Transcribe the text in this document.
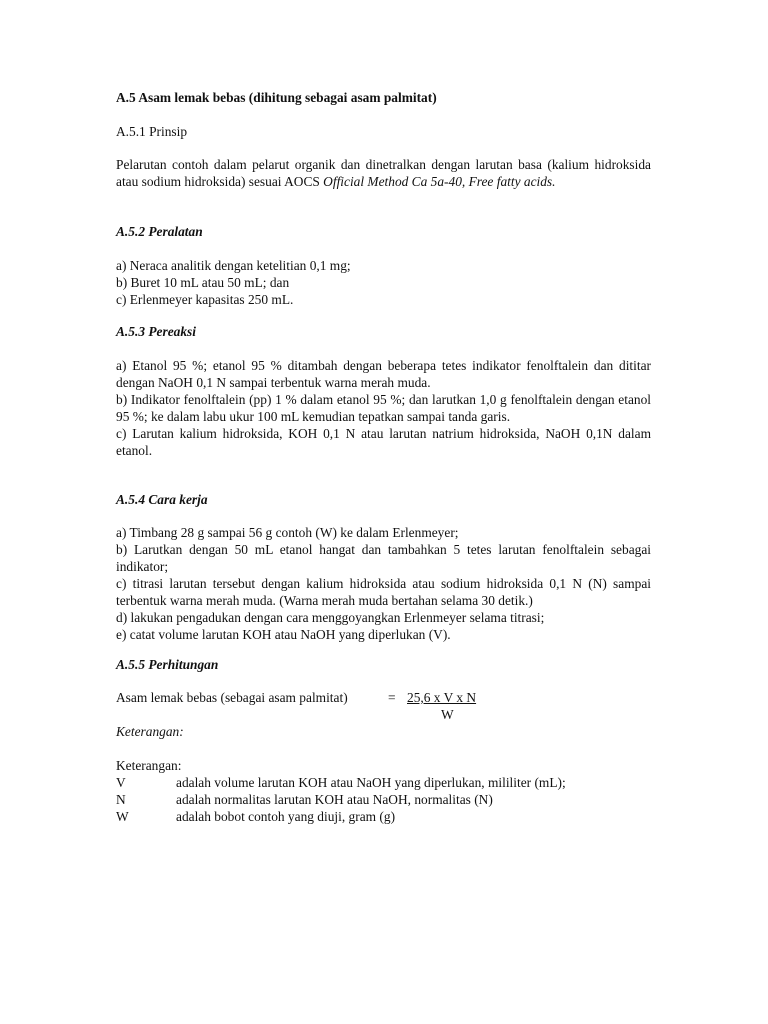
A.5 Asam lemak bebas (dihitung sebagai asam palmitat)

A.5.1 Prinsip

Pelarutan contoh dalam pelarut organik dan dinetralkan dengan larutan basa (kalium hidroksida atau sodium hidroksida) sesuai AOCS Official Method Ca 5a-40, Free fatty acids.

A.5.2 Peralatan

a) Neraca analitik dengan ketelitian 0,1 mg;
b) Buret 10 mL atau 50 mL; dan
c) Erlenmeyer kapasitas 250 mL.

A.5.3 Pereaksi

a) Etanol 95 %; etanol 95 % ditambah dengan beberapa tetes indikator fenolftalein dan dititar dengan NaOH 0,1 N sampai terbentuk warna merah muda.
b) Indikator fenolftalein (pp) 1 % dalam etanol 95 %; dan larutkan 1,0 g fenolftalein dengan etanol 95 %; ke dalam labu ukur 100 mL kemudian tepatkan sampai tanda garis.
c) Larutan kalium hidroksida, KOH 0,1 N atau larutan natrium hidroksida, NaOH 0,1N dalam etanol.

A.5.4 Cara kerja

a) Timbang 28 g sampai 56 g contoh (W) ke dalam Erlenmeyer;
b) Larutkan dengan 50 mL etanol hangat dan tambahkan 5 tetes larutan fenolftalein sebagai indikator;
c) titrasi larutan tersebut dengan kalium hidroksida atau sodium hidroksida 0,1 N (N) sampai terbentuk warna merah muda. (Warna merah muda bertahan selama 30 detik.)
d) lakukan pengadukan dengan cara menggoyangkan Erlenmeyer selama titrasi;
e) catat volume larutan KOH atau NaOH yang diperlukan (V).

A.5.5 Perhitungan

Asam lemak bebas (sebagai asam palmitat)	= 25,6 x V x N
W

Keterangan:

Keterangan:

V	adalah volume larutan KOH atau NaOH yang diperlukan, mililiter (mL);
N	adalah normalitas larutan KOH atau NaOH, normalitas (N)
W	adalah bobot contoh yang diuji, gram (g)
